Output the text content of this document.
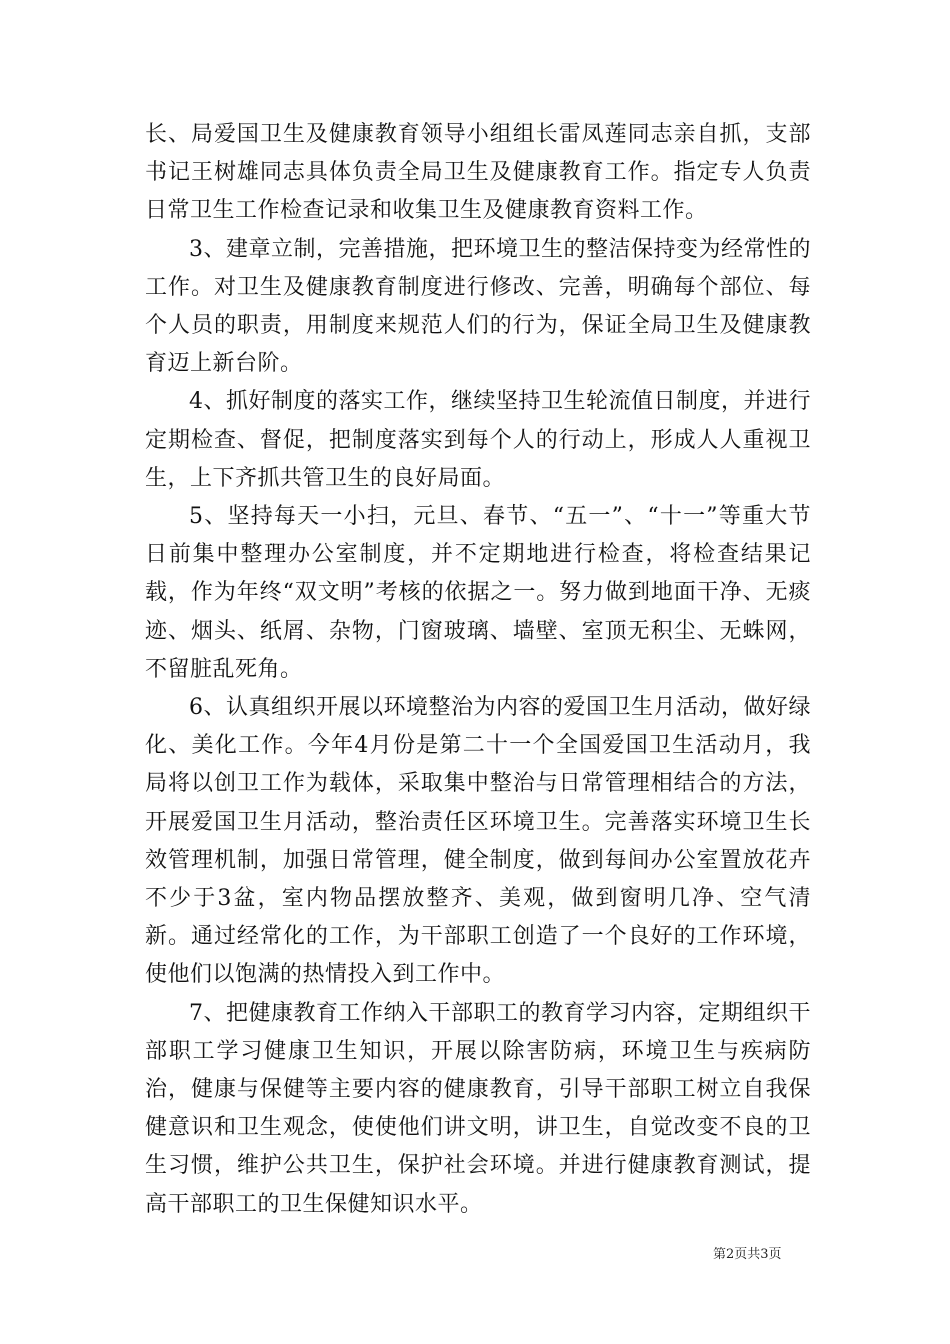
长、局爱国卫生及健康教育领导小组组长雷凤莲同志亲自抓，支部书记王树雄同志具体负责全局卫生及健康教育工作。指定专人负责日常卫生工作检查记录和收集卫生及健康教育资料工作。

3、建章立制，完善措施，把环境卫生的整洁保持变为经常性的工作。对卫生及健康教育制度进行修改、完善，明确每个部位、每个人员的职责，用制度来规范人们的行为，保证全局卫生及健康教育迈上新台阶。

4、抓好制度的落实工作，继续坚持卫生轮流值日制度，并进行定期检查、督促，把制度落实到每个人的行动上，形成人人重视卫生，上下齐抓共管卫生的良好局面。

5、坚持每天一小扫，元旦、春节、“五一”、“十一”等重大节日前集中整理办公室制度，并不定期地进行检查，将检查结果记载，作为年终“双文明”考核的依据之一。努力做到地面干净、无痰迹、烟头、纸屑、杂物，门窗玻璃、墙壁、室顶无积尘、无蛛网，不留脏乱死角。

6、认真组织开展以环境整治为内容的爱国卫生月活动，做好绿化、美化工作。今年4月份是第二十一个全国爱国卫生活动月，我局将以创卫工作为载体，采取集中整治与日常管理相结合的方法，开展爱国卫生月活动，整治责任区环境卫生。完善落实环境卫生长效管理机制，加强日常管理，健全制度，做到每间办公室置放花卉不少于3盆，室内物品摆放整齐、美观，做到窗明几净、空气清新。通过经常化的工作，为干部职工创造了一个良好的工作环境，使他们以饱满的热情投入到工作中。

7、把健康教育工作纳入干部职工的教育学习内容，定期组织干部职工学习健康卫生知识，开展以除害防病，环境卫生与疾病防治，健康与保健等主要内容的健康教育，引导干部职工树立自我保健意识和卫生观念，使使他们讲文明，讲卫生，自觉改变不良的卫生习惯，维护公共卫生，保护社会环境。并进行健康教育测试，提高干部职工的卫生保健知识水平。

第2页共3页
